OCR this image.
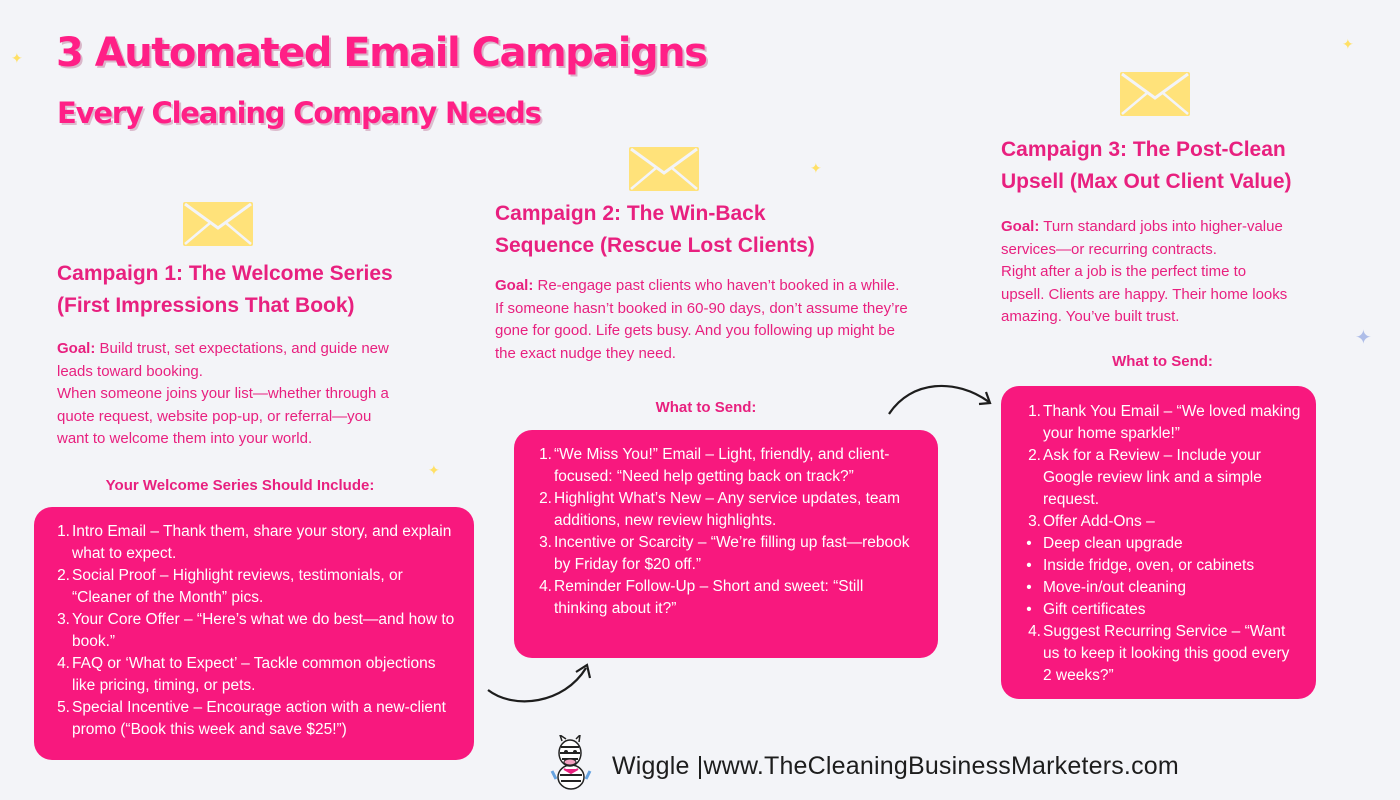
3 Automated Email Campaigns
Every Cleaning Company Needs
✦
✦
✦
✦
✦
Campaign 1: The Welcome Series
(First Impressions That Book)

Goal: Build trust, set expectations, and guide new
leads toward booking.
When someone joins your list—whether through a
quote request, website pop-up, or referral—you
want to welcome them into your world.

Your Welcome Series Should Include:
1. Intro Email – Thank them, share your story, and explain what to expect.
2. Social Proof – Highlight reviews, testimonials, or “Cleaner of the Month” pics.
3. Your Core Offer – “Here’s what we do best—and how to book.”
4. FAQ or ‘What to Expect’ – Tackle common objections like pricing, timing, or pets.
5. Special Incentive – Encourage action with a new-client promo (“Book this week and save $25!”)
Campaign 2: The Win-Back
Sequence (Rescue Lost Clients)

Goal: Re-engage past clients who haven’t booked in a while.
If someone hasn’t booked in 60-90 days, don’t assume they’re
gone for good. Life gets busy. And you following up might be
the exact nudge they need.

What to Send:
1. “We Miss You!” Email – Light, friendly, and client-focused: “Need help getting back on track?”
2. Highlight What’s New – Any service updates, team additions, new review highlights.
3. Incentive or Scarcity – “We’re filling up fast—rebook by Friday for $20 off.”
4. Reminder Follow-Up – Short and sweet: “Still thinking about it?”
Campaign 3: The Post-Clean
Upsell (Max Out Client Value)

Goal: Turn standard jobs into higher-value
services—or recurring contracts.
Right after a job is the perfect time to
upsell. Clients are happy. Their home looks
amazing. You’ve built trust.

What to Send:
1. Thank You Email – “We loved making your home sparkle!”
2. Ask for a Review – Include your Google review link and a simple request.
3. Offer Add-Ons –
• Deep clean upgrade
• Inside fridge, oven, or cabinets
• Move-in/out cleaning
• Gift certificates
4. Suggest Recurring Service – “Want us to keep it looking this good every 2 weeks?”
Wiggle |www.TheCleaningBusinessMarketers.com
